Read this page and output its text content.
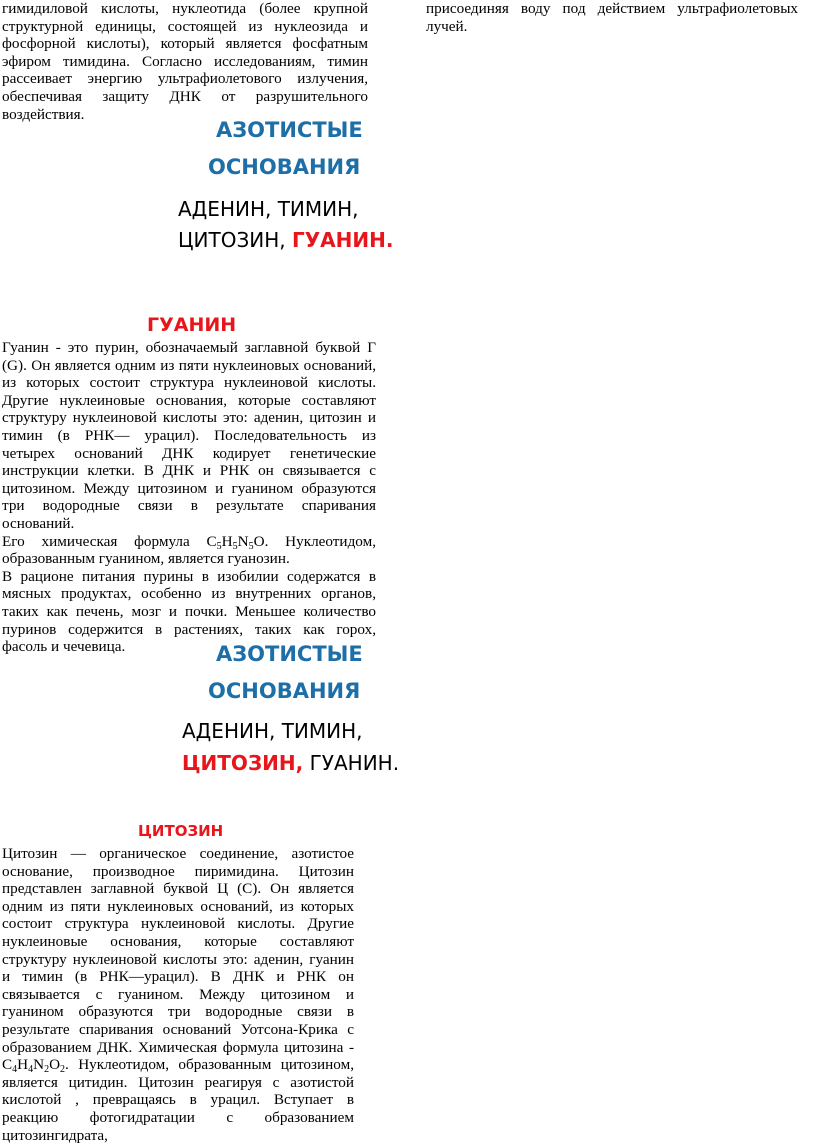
гимидиловой кислоты, нуклеотида (более крупной структурной единицы, состоящей из нуклеозида и фосфорной кислоты), который является фосфатным эфиром тимидина. Согласно исследованиям, тимин рассеивает энергию ультрафиолетового излучения, обеспечивая защиту ДНК от разрушительного воздействия.

АЗОТИСТЫЕ
ОСНОВАНИЯ
АДЕНИН, ТИМИН,
ЦИТОЗИН, ГУАНИН.
ГУАНИН

Гуанин - это пурин, обозначаемый заглавной буквой Г (G). Он является одним из пяти нуклеиновых оснований, из которых состоит структура нуклеиновой кислоты. Другие нуклеиновые основания, которые составляют структуру нуклеиновой кислоты это: аденин, цитозин и тимин (в РНК— урацил). Последовательность из четырех оснований ДНК кодирует генетические инструкции клетки. В ДНК и РНК он связывается с цитозином. Между цитозином и гуанином образуются три водородные связи в результате спаривания оснований.

Его химическая формула $C_5H_5N_5O$. Нуклеотидом, образованным гуанином, является гуанозин.

В рационе питания пурины в изобилии содержатся в мясных продуктах, особенно из внутренних органов, таких как печень, мозг и почки. Меньшее количество пуринов содержится в растениях, таких как горох, фасоль и чечевица.	АЗОТИСТЫЕ
ОСНОВАНИЯ
АДЕНИН, ТИМИН,
ЦИТОЗИН, ГУАНИН.
ЦИТОЗИН

Цитозин — органическое соединение, азотистое основание, производное пиримидина. Цитозин представлен заглавной буквой Ц (C). Он является одним из пяти нуклеиновых оснований, из которых состоит структура нуклеиновой кислоты. Другие нуклеиновые основания, которые составляют структуру нуклеиновой кислоты это: аденин, гуанин и тимин (в РНК—урацил). В ДНК и РНК он связывается с гуанином. Между цитозином и гуанином образуются три водородные связи в результате спаривания оснований Уотсона-Крика с образованием ДНК. Химическая формула цитозина - $C_4H_4N_2O_2$. Нуклеотидом, образованным цитозином, является цитидин. Цитозин реагируя с азотистой кислотой , превращаясь в урацил. Вступает в реакцию фотогидратации с образованием цитозингидрата,

присоединяя воду под действием ультрафиолетовых лучей.
